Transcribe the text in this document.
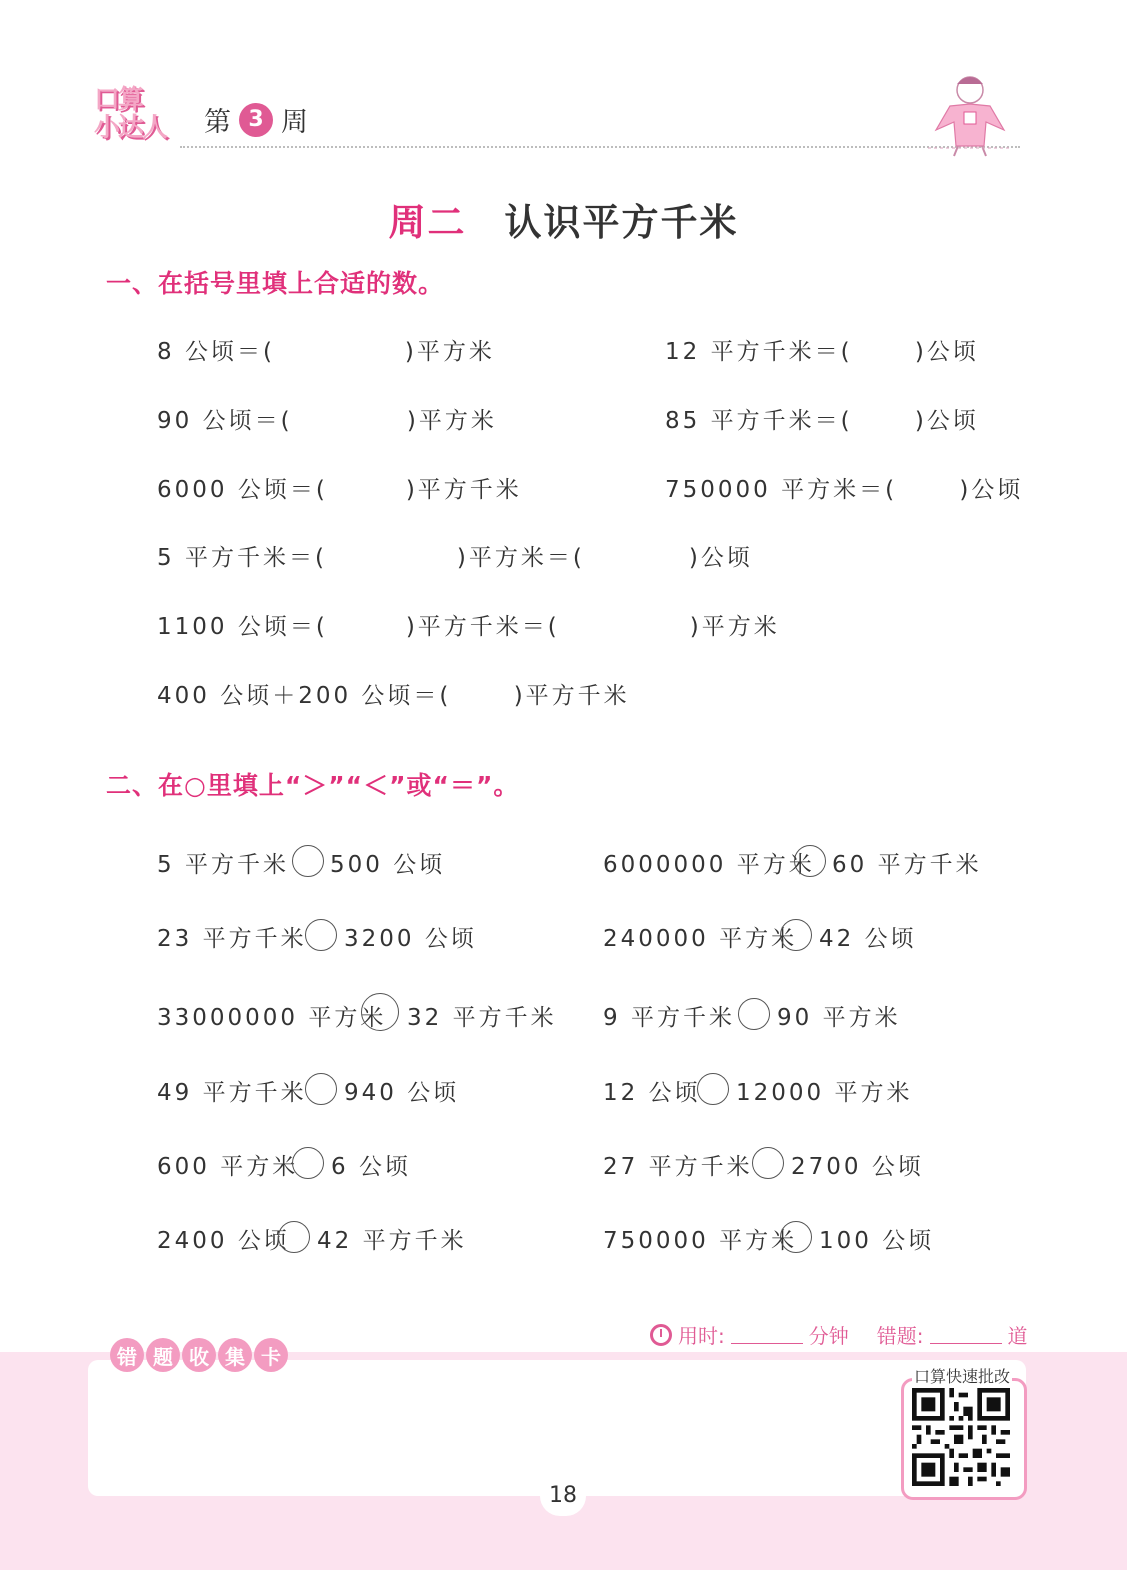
口算
小达人	第 3 周
周二 认识平方千米
一、在括号里填上合适的数。
8 公顷＝(　　　　　)平方米	12 平方千米＝(　　 )公顷
90 公顷＝(　　　　 )平方米	85 平方千米＝(　　 )公顷
6000 公顷＝(　　　)平方千米	750000 平方米＝(　　 )公顷
5 平方千米＝(　　　　　)平方米＝(　　　　)公顷
1100 公顷＝(　　　)平方千米＝(　　　　　)平方米
400 公顷＋200 公顷＝(　　 )平方千米
二、在○里填上“＞”“＜”或“＝”。
5 平方千米 500 公顷	6000000 平方米 60 平方千米
23 平方千米 3200 公顷	240000 平方米 42 公顷
33000000 平方米 32 平方千米 9 平方千米 90 平方米
49 平方千米 940 公顷	12 公顷 12000 平方米
600 平方米 6 公顷	27 平方千米 2700 公顷
2400 公顷 42 平方千米	750000 平方米 100 公顷
用时:	分钟 错题:	道
错 题 收 集 卡
口算快速批改
18
